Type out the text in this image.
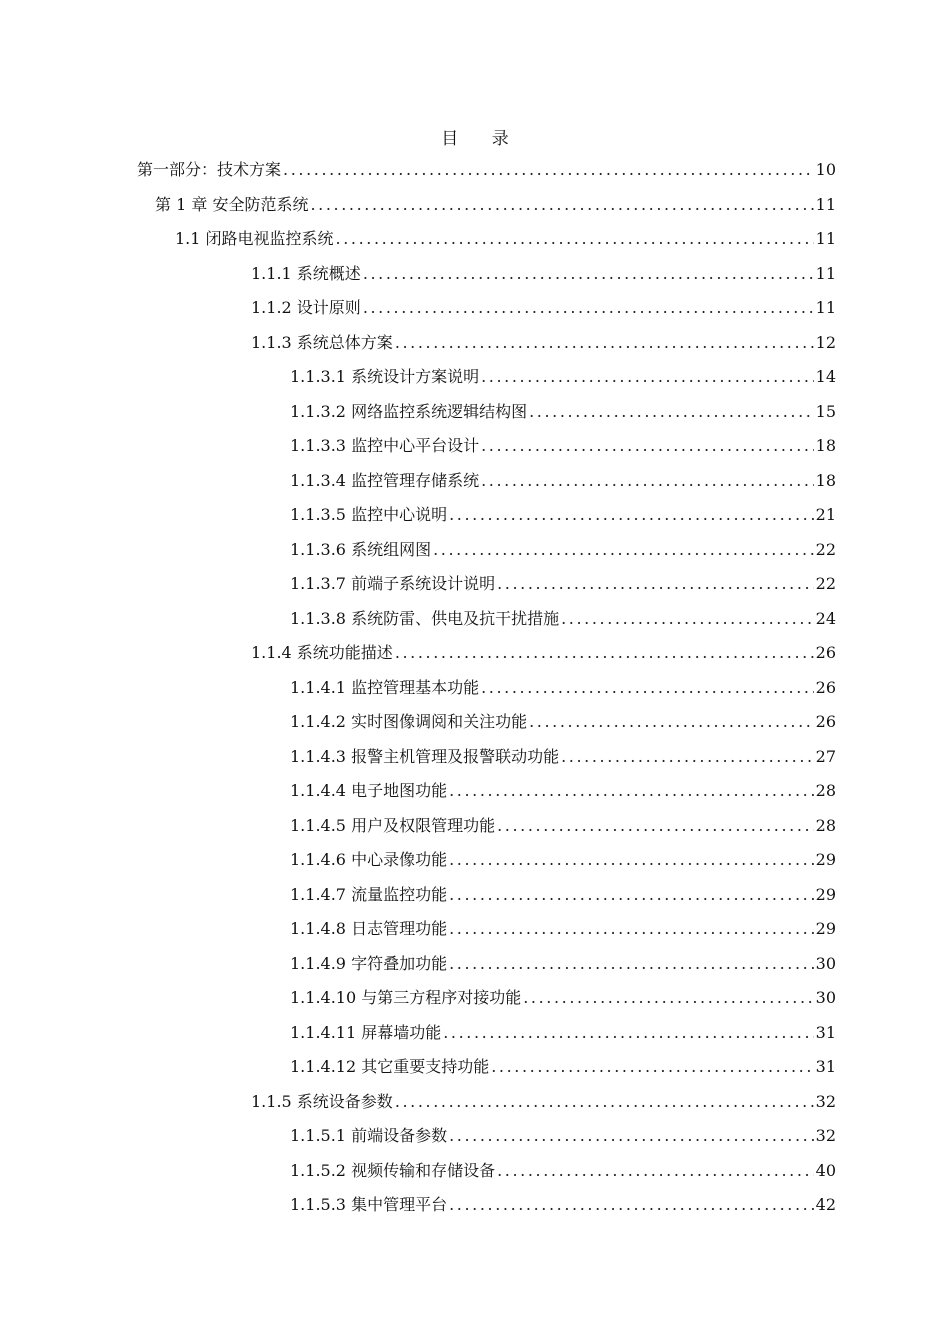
目 录
第一部分：技术方案 .....	10
第 1 章 安全防范系统 .....	11
1.1 闭路电视监控系统 .....	11
1.1.1 系统概述 .....	11
1.1.2 设计原则 .....	11
1.1.3 系统总体方案 .....	12
1.1.3.1 系统设计方案说明 .....	14
1.1.3.2 网络监控系统逻辑结构图 .....	15
1.1.3.3 监控中心平台设计 .....	18
1.1.3.4 监控管理存储系统 .....	18
1.1.3.5 监控中心说明 .....	21
1.1.3.6 系统组网图 .....	22
1.1.3.7 前端子系统设计说明 .....	22
1.1.3.8 系统防雷、供电及抗干扰措施 .....	24
1.1.4 系统功能描述 .....	26
1.1.4.1 监控管理基本功能 .....	26
1.1.4.2 实时图像调阅和关注功能 .....	26
1.1.4.3 报警主机管理及报警联动功能 .....	27
1.1.4.4 电子地图功能 .....	28
1.1.4.5 用户及权限管理功能 .....	28
1.1.4.6 中心录像功能 .....	29
1.1.4.7 流量监控功能 .....	29
1.1.4.8 日志管理功能 .....	29
1.1.4.9 字符叠加功能 .....	30
1.1.4.10 与第三方程序对接功能 .....	30
1.1.4.11 屏幕墙功能 .....	31
1.1.4.12 其它重要支持功能 .....	31
1.1.5 系统设备参数 .....	32
1.1.5.1 前端设备参数 .....	32
1.1.5.2 视频传输和存储设备 .....	40
1.1.5.3 集中管理平台 .....	42
